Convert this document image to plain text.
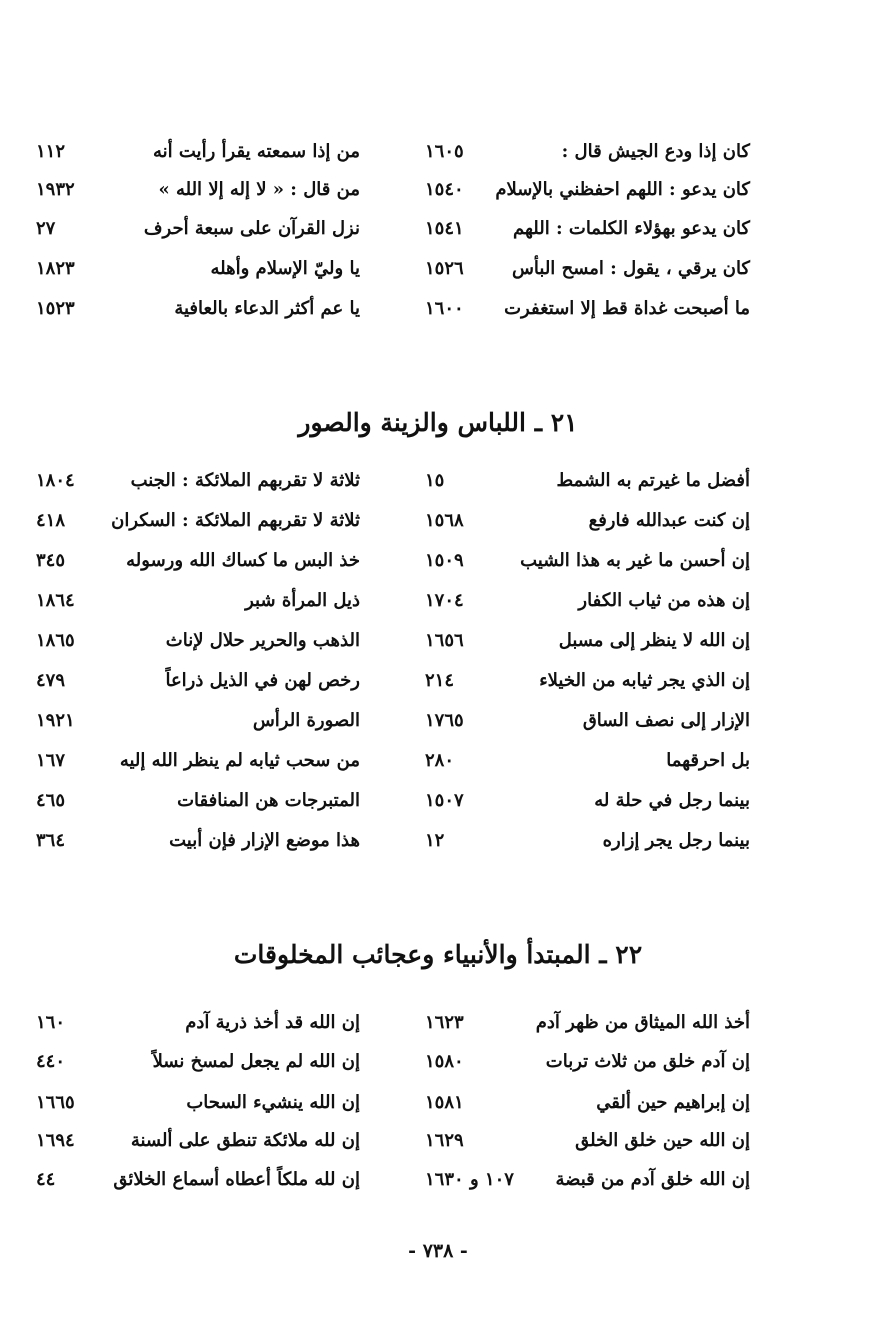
كان إذا ودع الجيش قال :
١٦٠٥
من إذا سمعته يقرأ رأيت أنه
١١٢
كان يدعو : اللهم احفظني بالإسلام
١٥٤٠
من قال : « لا إله إلا الله »
١٩٣٢
كان يدعو بهؤلاء الكلمات : اللهم
١٥٤١
نزل القرآن على سبعة أحرف
٢٧
كان يرقي ، يقول : امسح البأس
١٥٢٦
يا وليّ الإسلام وأهله
١٨٢٣
ما أصبحت غداة قط إلا استغفرت
١٦٠٠
يا عم أكثر الدعاء بالعافية
١٥٢٣
٢١ ـ اللباس والزينة والصور
أفضل ما غيرتم به الشمط
١٥
ثلاثة لا تقربهم الملائكة : الجنب
١٨٠٤
إن كنت عبدالله فارفع
١٥٦٨
ثلاثة لا تقربهم الملائكة : السكران
٤١٨
إن أحسن ما غير به هذا الشيب
١٥٠٩
خذ البس ما كساك الله ورسوله
٣٤٥
إن هذه من ثياب الكفار
١٧٠٤
ذيل المرأة شبر
١٨٦٤
إن الله لا ينظر إلى مسبل
١٦٥٦
الذهب والحرير حلال لإناث
١٨٦٥
إن الذي يجر ثيابه من الخيلاء
٢١٤
رخص لهن في الذيل ذراعاً
٤٧٩
الإزار إلى نصف الساق
١٧٦٥
الصورة الرأس
١٩٢١
بل احرقهما
٢٨٠
من سحب ثيابه لم ينظر الله إليه
١٦٧
بينما رجل في حلة له
١٥٠٧
المتبرجات هن المنافقات
٤٦٥
بينما رجل يجر إزاره
١٢
هذا موضع الإزار فإن أبيت
٣٦٤
٢٢ ـ المبتدأ والأنبياء وعجائب المخلوقات
أخذ الله الميثاق من ظهر آدم
١٦٢٣
إن الله قد أخذ ذرية آدم
١٦٠
إن آدم خلق من ثلاث تربات
١٥٨٠
إن الله لم يجعل لمسخ نسلاً
٤٤٠
إن إبراهيم حين ألقي
١٥٨١
إن الله ينشيء السحاب
١٦٦٥
إن الله حين خلق الخلق
١٦٢٩
إن لله ملائكة تنطق على ألسنة
١٦٩٤
إن الله خلق آدم من قبضة
١٠٧ و ١٦٣٠
إن لله ملكاً أعطاه أسماع الخلائق
٤٤
- ٧٣٨ -
